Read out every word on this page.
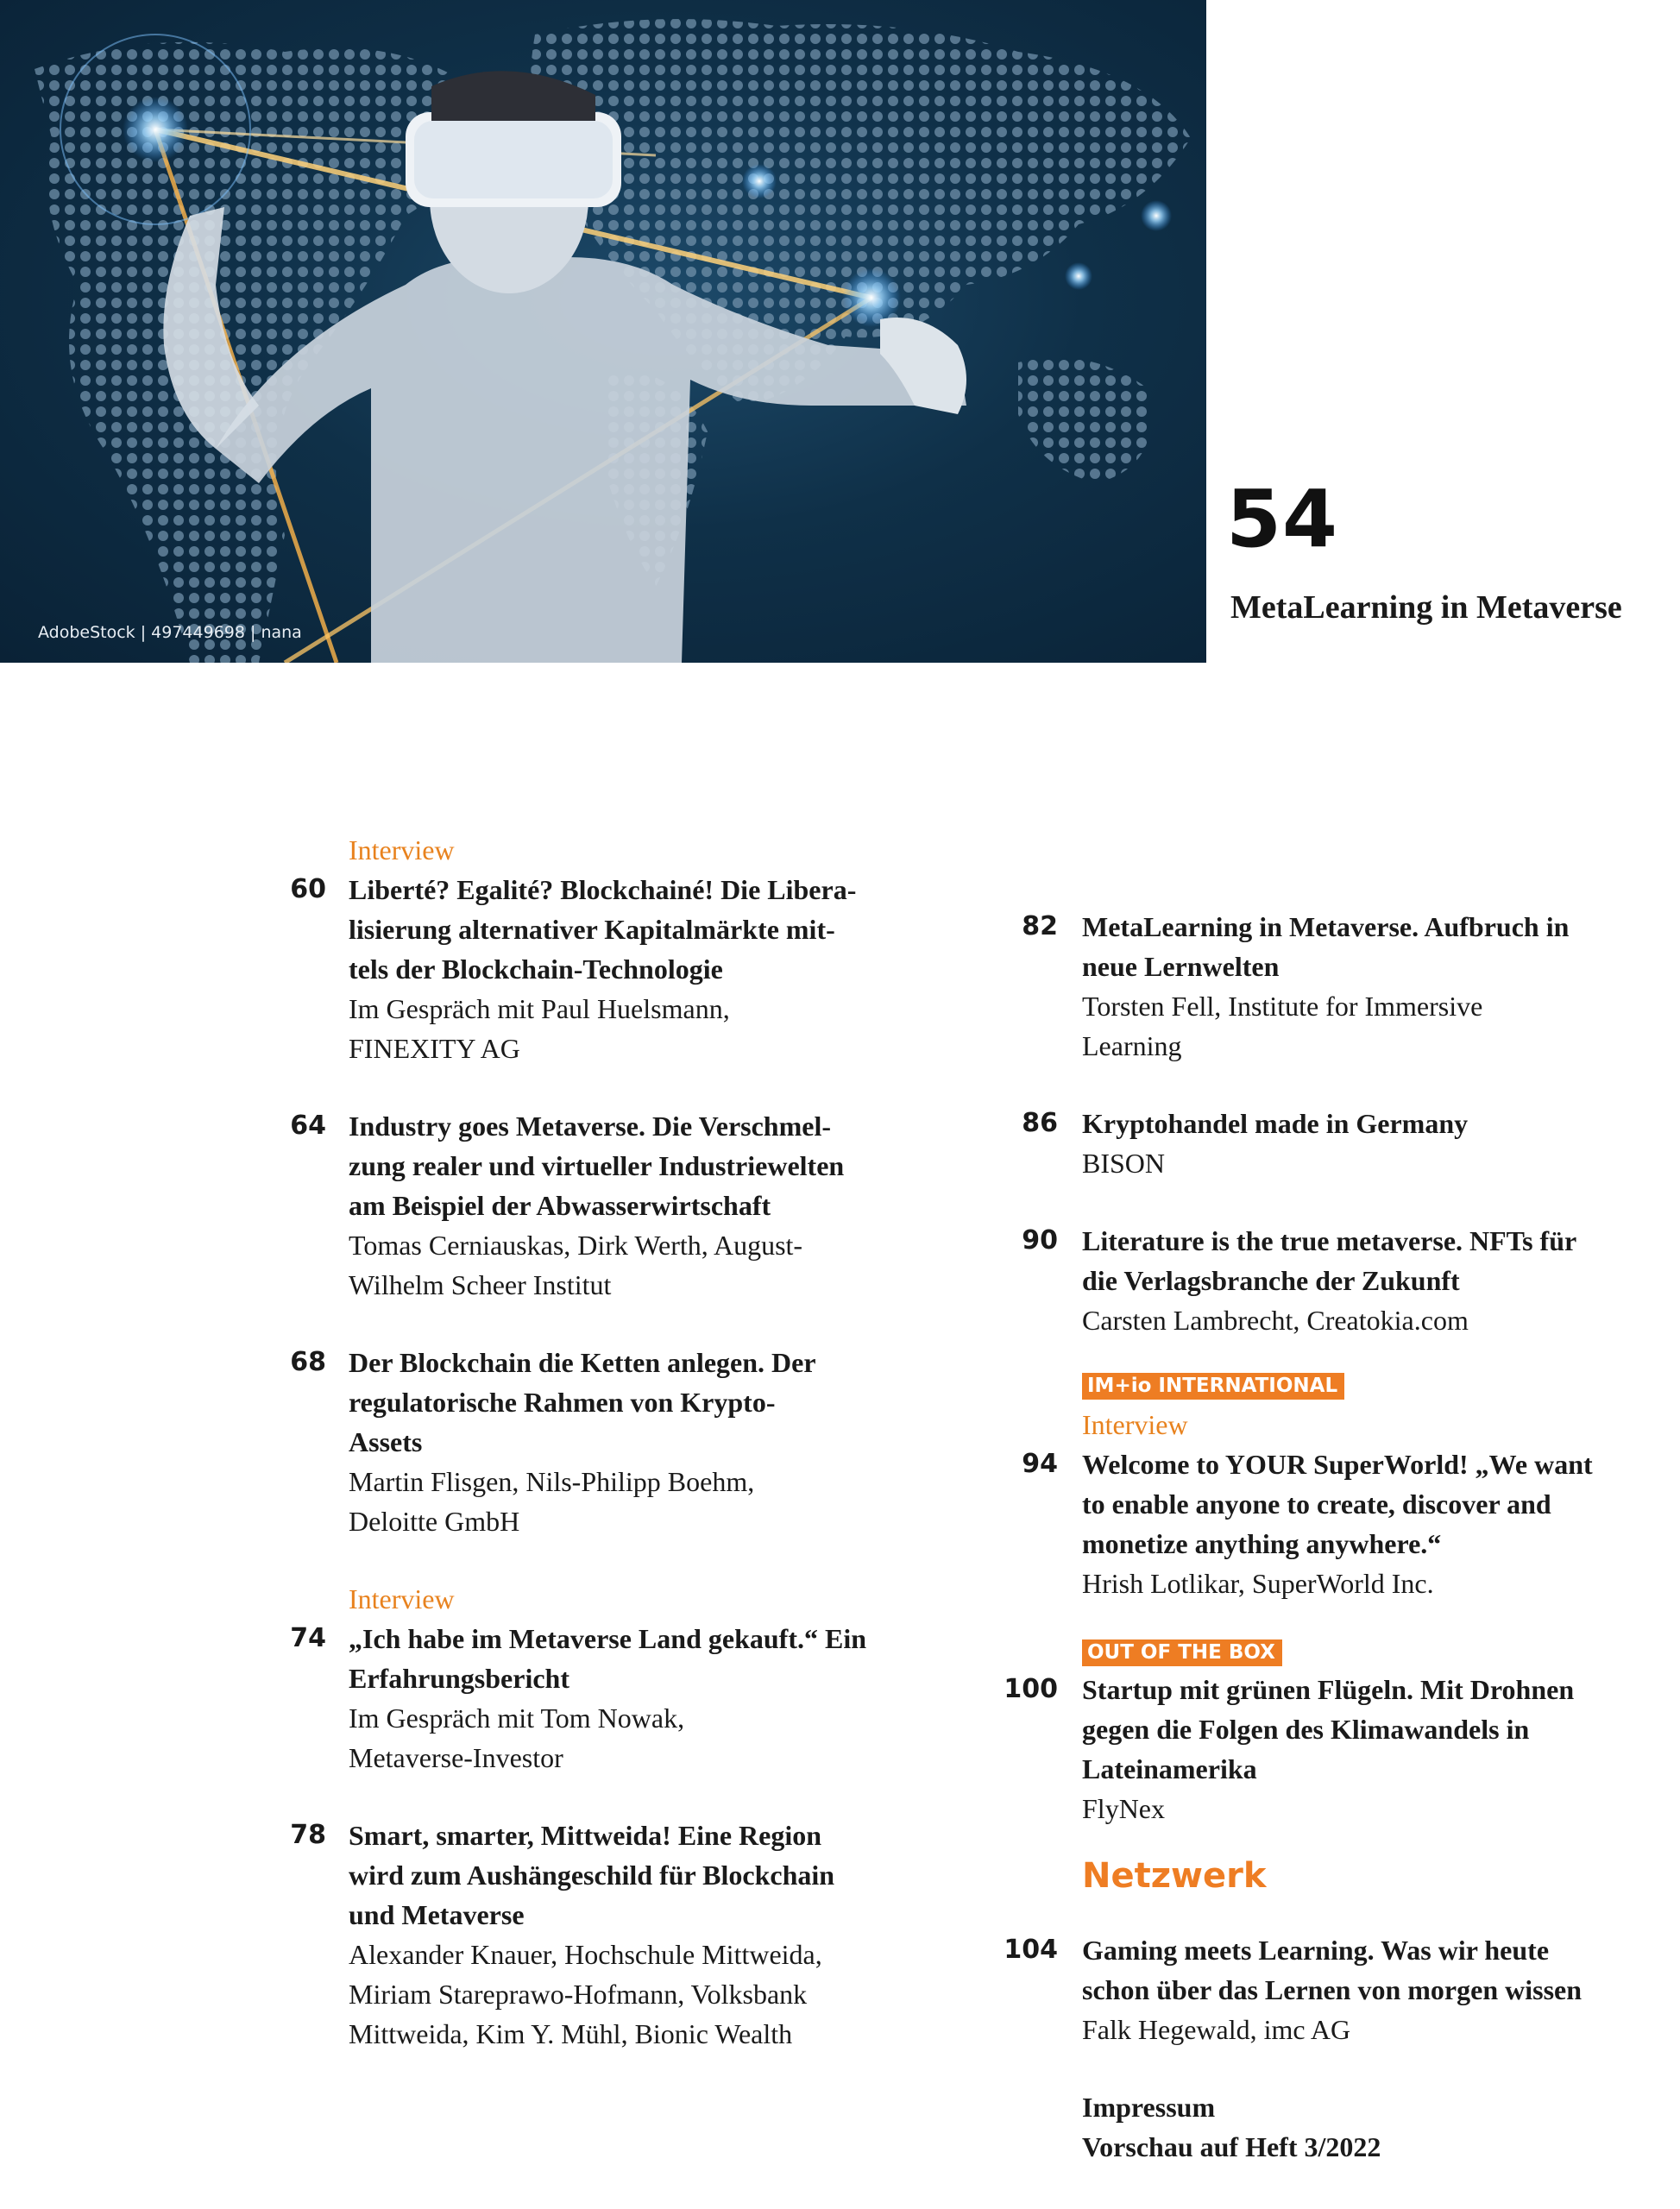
AdobeStock | 497449698 | nana
54
MetaLearning in Metaverse
Interview
60 Liberté? Egalité? Blockchainé! Die Libera-
lisierung alternativer Kapitalmärkte mit-
tels der Blockchain-Technologie
Im Gespräch mit Paul Huelsmann,
FINEXITY AG
64 Industry goes Metaverse. Die Verschmel-
zung realer und virtueller Industriewelten
am Beispiel der Abwasserwirtschaft
Tomas Cerniauskas, Dirk Werth, August-
Wilhelm Scheer Institut
68 Der Blockchain die Ketten anlegen. Der
regulatorische Rahmen von Krypto-
Assets
Martin Flisgen, Nils-Philipp Boehm,
Deloitte GmbH
Interview
74 „Ich habe im Metaverse Land gekauft.“ Ein
Erfahrungsbericht
Im Gespräch mit Tom Nowak,
Metaverse-Investor
78 Smart, smarter, Mittweida! Eine Region
wird zum Aushängeschild für Blockchain
und Metaverse
Alexander Knauer, Hochschule Mittweida,
Miriam Stareprawo-Hofmann, Volksbank
Mittweida, Kim Y. Mühl, Bionic Wealth
82 MetaLearning in Metaverse. Aufbruch in
neue Lernwelten
Torsten Fell, Institute for Immersive
Learning
86 Kryptohandel made in Germany
BISON
90 Literature is the true metaverse. NFTs für
die Verlagsbranche der Zukunft
Carsten Lambrecht, Creatokia.com
IM+io INTERNATIONAL
Interview
94 Welcome to YOUR SuperWorld! „We want
to enable anyone to create, discover and
monetize anything anywhere.“
Hrish Lotlikar, SuperWorld Inc.
OUT OF THE BOX
100 Startup mit grünen Flügeln. Mit Drohnen
gegen die Folgen des Klimawandels in
Lateinamerika
FlyNex
Netzwerk
104 Gaming meets Learning. Was wir heute
schon über das Lernen von morgen wissen
Falk Hegewald, imc AG
Impressum
Vorschau auf Heft 3/2022
